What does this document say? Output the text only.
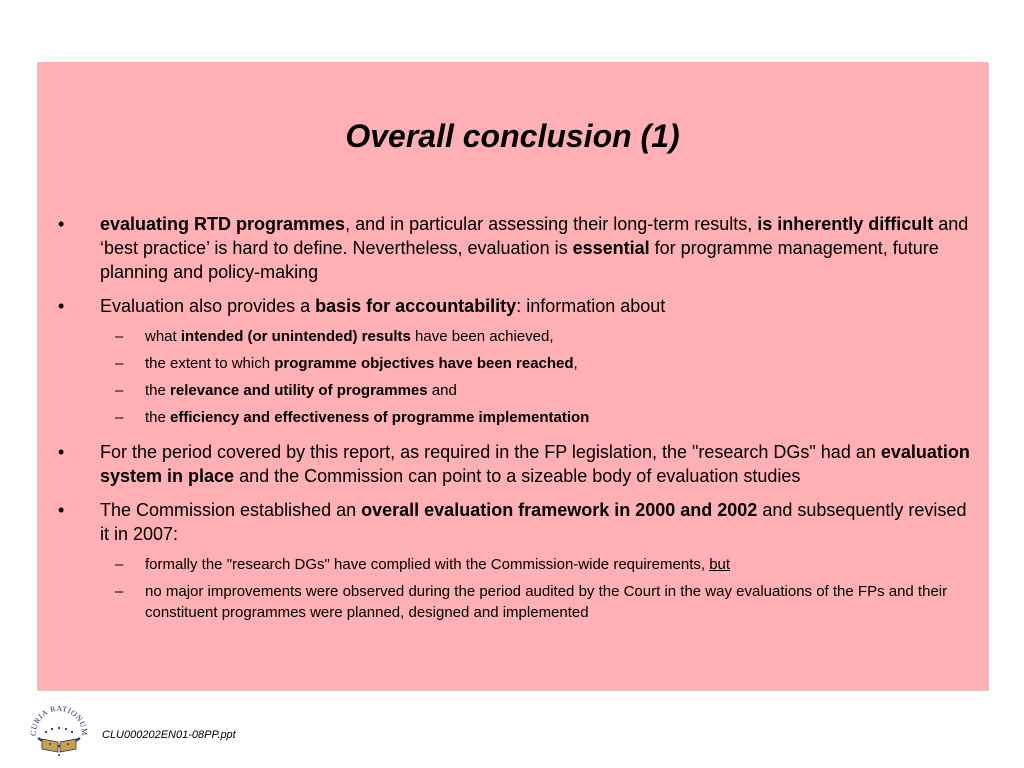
Overall conclusion (1)
• evaluating RTD programmes, and in particular assessing their long-term results, is inherently difficult and ‘best practice’ is hard to define. Nevertheless, evaluation is essential for programme management, future planning and policy-making
• Evaluation also provides a basis for accountability: information about
– what intended (or unintended) results have been achieved,
– the extent to which programme objectives have been reached,
– the relevance and utility of programmes and
– the efficiency and effectiveness of programme implementation
• For the period covered by this report, as required in the FP legislation, the "research DGs" had an evaluation system in place and the Commission can point to a sizeable body of evaluation studies
• The Commission established an overall evaluation framework in 2000 and 2002 and subsequently revised it in 2007:
– formally the "research DGs" have complied with the Commission-wide requirements, but
– no major improvements were observed during the period audited by the Court in the way evaluations of the FPs and their constituent programmes were planned, designed and implemented
CURIA RATIONUM CLU000202EN01-08PP.ppt
